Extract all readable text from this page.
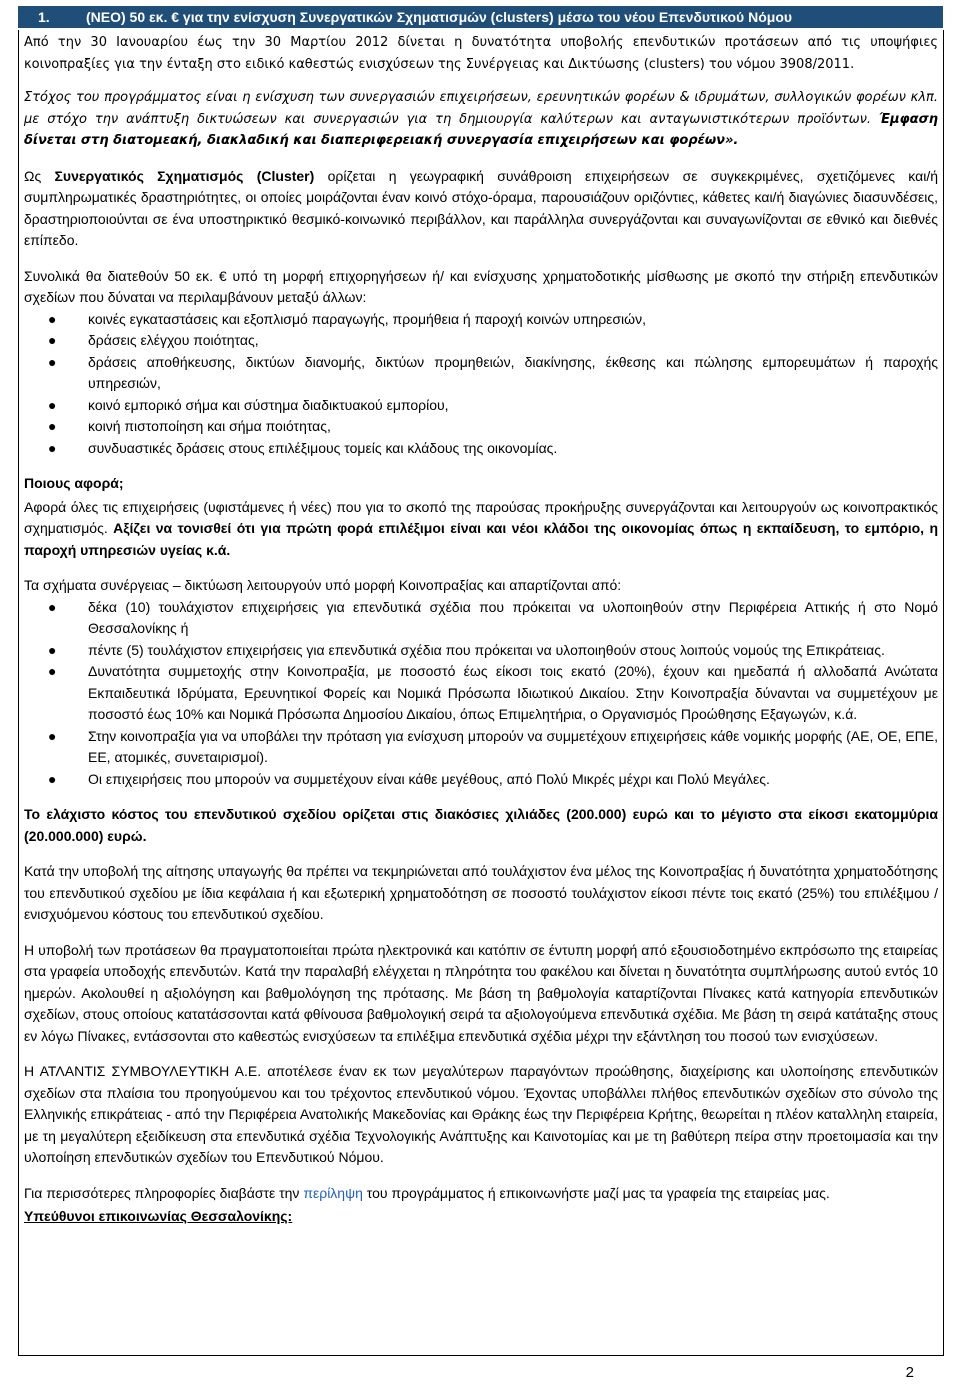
1.	(ΝΕΟ) 50 εκ. € για την ενίσχυση Συνεργατικών Σχηματισμών (clusters) μέσω του νέου Επενδυτικού Νόμου

Από την 30 Ιανουαρίου έως την 30 Μαρτίου 2012 δίνεται η δυνατότητα υποβολής επενδυτικών προτάσεων από τις υποψήφιες κοινοπραξίες για την ένταξη στο ειδικό καθεστώς ενισχύσεων της Συνέργειας και Δικτύωσης (clusters) του νόμου 3908/2011.

Στόχος του προγράμματος είναι η ενίσχυση των συνεργασιών επιχειρήσεων, ερευνητικών φορέων & ιδρυμάτων, συλλογικών φορέων κλπ. με στόχο την ανάπτυξη δικτυώσεων και συνεργασιών για τη δημιουργία καλύτερων και ανταγωνιστικότερων προϊόντων. Έμφαση δίνεται στη διατομεακή, διακλαδική και διαπεριφερειακή συνεργασία επιχειρήσεων και φορέων».

Ως Συνεργατικός Σχηματισμός (Cluster) ορίζεται η γεωγραφική συνάθροιση επιχειρήσεων σε συγκεκριμένες, σχετιζόμενες και/ή συμπληρωματικές δραστηριότητες, οι οποίες μοιράζονται έναν κοινό στόχο-όραμα, παρουσιάζουν οριζόντιες, κάθετες και/ή διαγώνιες διασυνδέσεις, δραστηριοποιούνται σε ένα υποστηρικτικό θεσμικό-κοινωνικό περιβάλλον, και παράλληλα συνεργάζονται και συναγωνίζονται σε εθνικό και διεθνές επίπεδο.

Συνολικά θα διατεθούν 50 εκ. € υπό τη μορφή επιχορηγήσεων ή/ και ενίσχυσης χρηματοδοτικής μίσθωσης με σκοπό την στήριξη επενδυτικών σχεδίων που δύναται να περιλαμβάνουν μεταξύ άλλων:

● κοινές εγκαταστάσεις και εξοπλισμό παραγωγής, προμήθεια ή παροχή κοινών υπηρεσιών,
● δράσεις ελέγχου ποιότητας,
● δράσεις αποθήκευσης, δικτύων διανομής, δικτύων προμηθειών, διακίνησης, έκθεσης και πώλησης εμπορευμάτων ή παροχής υπηρεσιών,
● κοινό εμπορικό σήμα και σύστημα διαδικτυακού εμπορίου,
● κοινή πιστοποίηση και σήμα ποιότητας,
● συνδυαστικές δράσεις στους επιλέξιμους τομείς και κλάδους της οικονομίας.

Ποιους αφορά;

Αφορά όλες τις επιχειρήσεις (υφιστάμενες ή νέες) που για το σκοπό της παρούσας προκήρυξης συνεργάζονται και λειτουργούν ως κοινοπρακτικός σχηματισμός. Αξίζει να τονισθεί ότι για πρώτη φορά επιλέξιμοι είναι και νέοι κλάδοι της οικονομίας όπως η εκπαίδευση, το εμπόριο, η παροχή υπηρεσιών υγείας κ.ά.

Τα σχήματα συνέργειας – δικτύωση λειτουργούν υπό μορφή Κοινοπραξίας και απαρτίζονται από:

● δέκα (10) τουλάχιστον επιχειρήσεις για επενδυτικά σχέδια που πρόκειται να υλοποιηθούν στην Περιφέρεια Αττικής ή στο Νομό Θεσσαλονίκης ή
● πέντε (5) τουλάχιστον επιχειρήσεις για επενδυτικά σχέδια που πρόκειται να υλοποιηθούν στους λοιπούς νομούς της Επικράτειας.
● Δυνατότητα συμμετοχής στην Κοινοπραξία, με ποσοστό έως είκοσι τοις εκατό (20%), έχουν και ημεδαπά ή αλλοδαπά Ανώτατα Εκπαιδευτικά Ιδρύματα, Ερευνητικοί Φορείς και Νομικά Πρόσωπα Ιδιωτικού Δικαίου. Στην Κοινοπραξία δύνανται να συμμετέχουν με ποσοστό έως 10% και Νομικά Πρόσωπα Δημοσίου Δικαίου, όπως Επιμελητήρια, ο Οργανισμός Προώθησης Εξαγωγών, κ.ά.
● Στην κοινοπραξία για να υποβάλει την πρόταση για ενίσχυση μπορούν να συμμετέχουν επιχειρήσεις κάθε νομικής μορφής (ΑΕ, ΟΕ, ΕΠΕ, ΕΕ, ατομικές, συνεταιρισμοί).
● Οι επιχειρήσεις που μπορούν να συμμετέχουν είναι κάθε μεγέθους, από Πολύ Μικρές μέχρι και Πολύ Μεγάλες.

Το ελάχιστο κόστος του επενδυτικού σχεδίου ορίζεται στις διακόσιες χιλιάδες (200.000) ευρώ και το μέγιστο στα είκοσι εκατομμύρια (20.000.000) ευρώ.

Κατά την υποβολή της αίτησης υπαγωγής θα πρέπει να τεκμηριώνεται από τουλάχιστον ένα μέλος της Κοινοπραξίας ή δυνατότητα χρηματοδότησης του επενδυτικού σχεδίου με ίδια κεφάλαια ή και εξωτερική χρηματοδότηση σε ποσοστό τουλάχιστον είκοσι πέντε τοις εκατό (25%) του επιλέξιμου / ενισχυόμενου κόστους του επενδυτικού σχεδίου.

Η υποβολή των προτάσεων θα πραγματοποιείται πρώτα ηλεκτρονικά και κατόπιν σε έντυπη μορφή από εξουσιοδοτημένο εκπρόσωπο της εταιρείας στα γραφεία υποδοχής επενδυτών. Κατά την παραλαβή ελέγχεται η πληρότητα του φακέλου και δίνεται η δυνατότητα συμπλήρωσης αυτού εντός 10 ημερών. Ακολουθεί η αξιολόγηση και βαθμολόγηση της πρότασης. Με βάση τη βαθμολογία καταρτίζονται Πίνακες κατά κατηγορία επενδυτικών σχεδίων, στους οποίους κατατάσσονται κατά φθίνουσα βαθμολογική σειρά τα αξιολογούμενα επενδυτικά σχέδια. Με βάση τη σειρά κατάταξης στους εν λόγω Πίνακες, εντάσσονται στο καθεστώς ενισχύσεων τα επιλέξιμα επενδυτικά σχέδια μέχρι την εξάντληση του ποσού των ενισχύσεων.

Η ΑΤΛΑΝΤΙΣ ΣΥΜΒΟΥΛΕΥΤΙΚΗ Α.Ε. αποτέλεσε έναν εκ των μεγαλύτερων παραγόντων προώθησης, διαχείρισης και υλοποίησης επενδυτικών σχεδίων στα πλαίσια του προηγούμενου και του τρέχοντος επενδυτικού νόμου. Έχοντας υποβάλλει πλήθος επενδυτικών σχεδίων στο σύνολο της Ελληνικής επικράτειας - από την Περιφέρεια Ανατολικής Μακεδονίας και Θράκης έως την Περιφέρεια Κρήτης, θεωρείται η πλέον καταλληλη εταιρεία, με τη μεγαλύτερη εξειδίκευση στα επενδυτικά σχέδια Τεχνολογικής Ανάπτυξης και Καινοτομίας και με τη βαθύτερη πείρα στην προετοιμασία και την υλοποίηση επενδυτικών σχεδίων του Επενδυτικού Νόμου.

Για περισσότερες πληροφορίες διαβάστε την περίληψη του προγράμματος ή επικοινωνήστε μαζί μας τα γραφεία της εταιρείας μας.

Υπεύθυνοι επικοινωνίας Θεσσαλονίκης:

2
